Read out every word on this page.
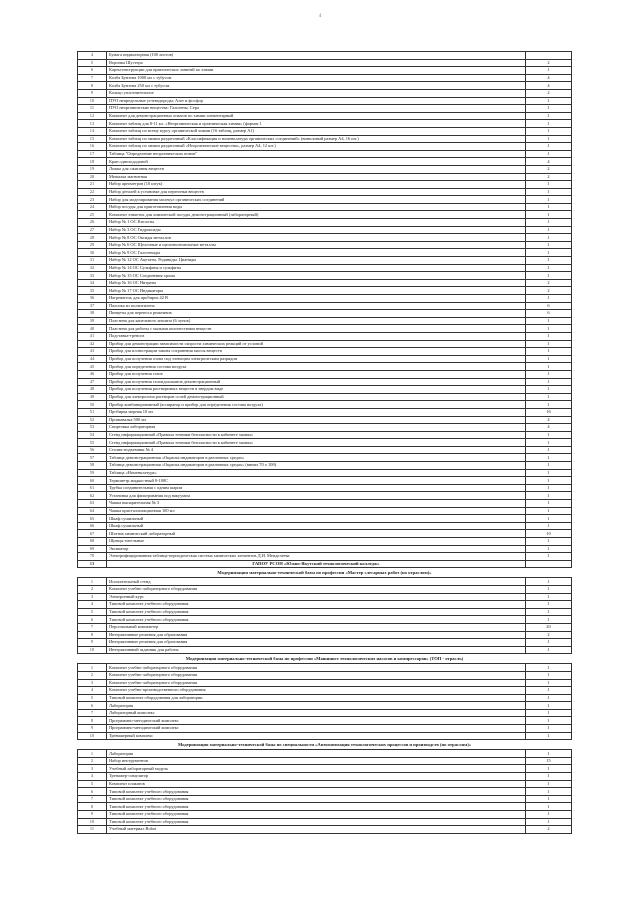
4
4	Бумага индикаторная (100 листов)	
5	Воронка Шустера	2
6	Карты-инструкции для практических занятий по химии	1
7	Колба Бунзена 1000 мл с тубусом	4
8	Колба Бунзена 250 мл с тубусом	4
9	Кольцо уплотнительное	2
10	ПУО непредельные углеводороды: Азот и фосфор	1
11	ПУО неорганические вещества: Галогены. Сера	1
12	Комплект для демонстрационных опытов по химии элементарный	1
13	Комплект таблиц для 8-11 кл. «Неорганическая и органическая химия» (формат 1	1
14	Комплект таблиц по всему курсу органической химии (16 таблиц, размер А1)	1
15	Комплект таблиц по химии раздаточный «Классификация и номенклатура органических соединений» (виниловый размер А4, 16 шт.)	1
16	Комплект таблиц по химии раздаточный «Неорганические вещества», размер А4, 12 шт.)	1
17	Таблица "Определение неорганических ионов"	1
18	Кран однохододовой	4
19	Ложка для сжигания веществ	2
20	Мешалка магнитная	2
21	Набор ареометров (10 штук)	1
22	Набор деталей к установке для перегонки веществ	1
23	Набор для моделирования молекул органических соединений	1
24	Набор посуды для приготовления воды	1
25	Комплект этикеток для химической посуды демонстрационный (лабораторный)	1
26	Набор № 1 ОС Кислоты	1
27	Набор № 3 ОС Гидроксиды	1
28	Набор № 8 ОС Оксиды металлов	1
29	Набор № 6 ОС Щелочные и щелочноземельные металлы	1
30	Набор № 9 ОС Галогениды	1
31	Набор № 12 ОС Ацетаты. Роданиды. Цианиды	1
32	Набор № 14 ОС Сульфаты и сульфиты	1
33	Набор № 15 ОС Соединения хрома	1
34	Набор № 16 ОС Нитраты	2
35	Набор № 17 ОС Индикаторы	2
36	Нагреватель для пробирок 42 В	1
37	Палочка из полиэтилена	6
38	Пинцеты для переноса реактивов	6
39	Пластина для капельного анализа (6 лунок)	1
40	Пластина для работы с малыми количествами веществ	1
41	Подставка-тренога	1
42	Прибор для демонстрации зависимости скорости химических реакций от условий	1
43	Прибор для иллюстрации закона сохранения массы веществ	1
44	Прибор для получения озона под тлеющим электрическим разрядом	1
45	Прибор для определения состава воздуха	1
46	Прибор для получения газов	1
47	Прибор для получения галоидоалканов демонстрационный	1
48	Прибор для получения растворимых веществ в твердом виде	1
49	Прибор для электролиза растворов солей демонстрационный	1
50	Прибор комбинированный (аспиратор и прибор для определения состава воздуха)	1
51	Пробирка мерная 10 мл	16
52	Промывалка 500 мл	4
53	Спиртовка лабораторная	4
54	Стенд информационный «Правила техники безопасности в кабинете химии»	1
55	Стенд информационный «Правила техники безопасности в кабинете химии»	1
56	Столик-подъемник № 4	1
57	Таблица демонстрационная «Окраска индикаторов в различных средах»	1
58	Таблица демонстрационная «Окраска индикаторов в различных средах» (винил 70 х 100)	1
59	Таблица «Номенклатура»	1
60	Термометр жидкостный 0-100С	1
61	Трубка соединительная с одним шаром	1
62	Установка для фильтрования под вакуумом	1
63	Чашка выпарительная № 3	1
64	Чашка кристаллизационная 100 мл	1
65	Шкаф сушильный	1
66	Шкаф сушильный	1
67	Штатив химический лабораторный	10
68	Щипцы тигельные	1
69	Эксикатор	1
70	Электрифицированная таблица-периодическая система химических элементов Д.И. Менделеева	1
13	ГАПОУ РСОН «Южно-Якутский технологический колледж»	
Модернизация материально-технической базы по профессии «Мастер слесарных работ (по отраслям)»		
1	Испытательный стенд	1
2	Комплект учебно-лабораторного оборудования	1
3	Электронный курс	1
4	Типовой комплект учебного оборудования	1
5	Типовой комплект учебного оборудования	1
6	Типовой комплект учебного оборудования	1
7	Персональный компьютер	20
8	Интерактивные решения для образования	2
9	Интерактивные решения для образования	1
10	Интерактивный задачник для работы	1
Модернизация материально-технической базы по профессии «Машинист технологических насосов и компрессоров» (ТОП - отрасль)		
1	Комплект учебно-лабораторного оборудования	1
2	Комплект учебно-лабораторного оборудования	1
3	Комплект учебно-лабораторного оборудования	1
4	Комплект учебно-производственного оборудования	1
5	Типовой комплект оборудования для лаборатории	1
6	Лаборатория	1
7	Лабораторный комплекс	1
8	Программно-методический комплекс	1
9	Программно-методический комплекс	1
10	Тренажерный комплекс	1
Модернизация материально-технической базы по специальности «Автоматизация технологических процессов и производств (по отраслям)»		
1	Лаборатория	1
2	Набор инструментов	15
3	Учебный лабораторный модуль	1
4	Тренажер-симулятор	1
5	Комплект плакатов	1
6	Типовой комплект учебного оборудования	1
7	Типовой комплект учебного оборудования	1
8	Типовой комплект учебного оборудования	1
9	Типовой комплект учебного оборудования	1
10	Типовой комплект учебного оборудования	1
11	Учебный материал Robot	2
